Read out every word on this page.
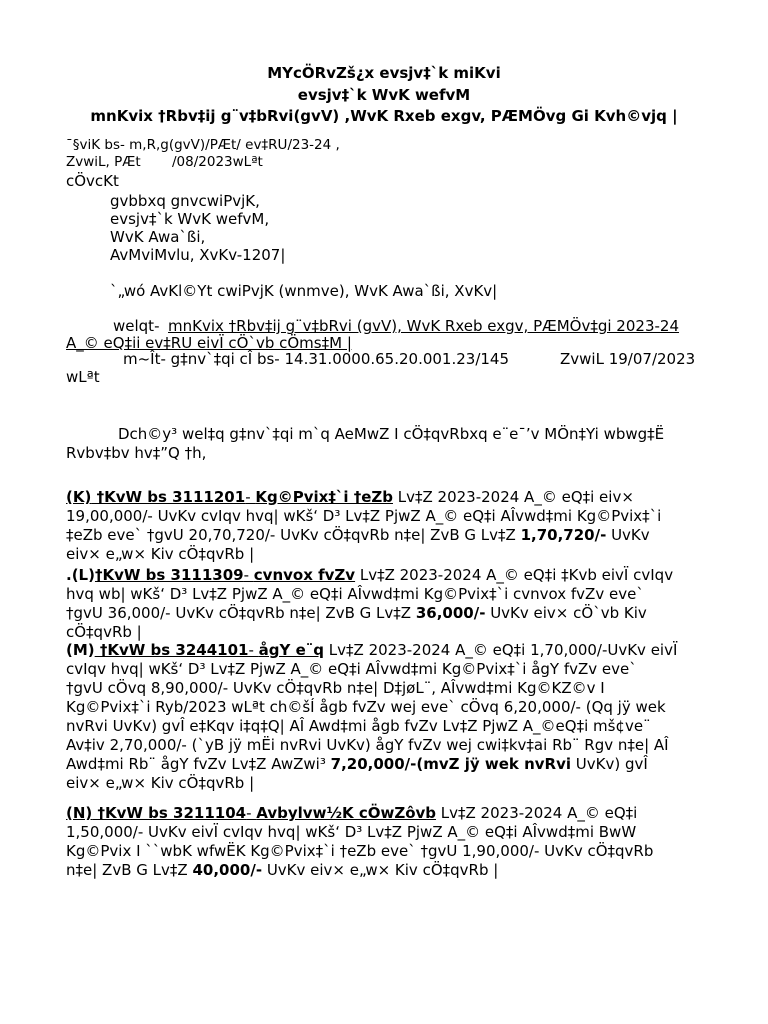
MYcÖRvZš¿x evsjv‡`k miKvi
evsjv‡`k WvK wefvM
mnKvix †Rbv‡ij g¨v‡bRvi(gvV) ,WvK Rxeb exgv, PÆMÖvg Gi Kvh©vjq |
¯§viK bs- m,R,g(gvV)/PÆt/ ev‡RU/23-24 ,
ZvwiL, PÆt /08/2023wLªt
cÖvcKt
gvbbxq gnvcwiPvjK,
evsjv‡`k WvK wefvM,
WvK Awa`ßi,
AvMviMvlu, XvKv-1207|
`„wó AvKl©Yt cwiPvjK (wnmve), WvK Awa`ßi, XvKv|
welqt- mnKvix †Rbv‡ij g¨v‡bRvi (gvV), WvK Rxeb exgv, PÆMÖv‡gi 2023-24
A_© eQ‡ii ev‡RU eivÏ cÖ`vb cÖms‡M |
m~Ît- g‡nv`‡qi cÎ bs- 14.31.0000.65.20.001.23/145	ZvwiL 19/07/2023
wLªt
Dch©y³ wel‡q g‡nv`‡qi m`q AeMwZ I cÖ‡qvRbxq e¨e¯’v MÖn‡Yi wbwg‡Ë
Rvbv‡bv hv‡”Q †h,
(K) †KvW bs 3111201- Kg©Pvix‡`i †eZb Lv‡Z 2023-2024 A_© eQ‡i eiv×
19,00,000/- UvKv cvIqv hvq| wKš‘ D³ Lv‡Z PjwZ A_© eQ‡i AÎvwd‡mi Kg©Pvix‡`i
‡eZb eve` †gvU 20,70,720/- UvKv cÖ‡qvRb n‡e| ZvB G Lv‡Z 1,70,720/- UvKv
eiv× e„w× Kiv cÖ‡qvRb |
.(L)†KvW bs 3111309- cvnvox fvZv Lv‡Z 2023-2024 A_© eQ‡i ‡Kvb eivÏ cvIqv
hvq wb| wKš‘ D³ Lv‡Z PjwZ A_© eQ‡i AÎvwd‡mi Kg©Pvix‡`i cvnvox fvZv eve`
†gvU 36,000/- UvKv cÖ‡qvRb n‡e| ZvB G Lv‡Z 36,000/- UvKv eiv× cÖ`vb Kiv
cÖ‡qvRb |
(M) †KvW bs 3244101- ågY e¨q Lv‡Z 2023-2024 A_© eQ‡i 1,70,000/-UvKv eivÏ
cvIqv hvq| wKš‘ D³ Lv‡Z PjwZ A_© eQ‡i AÎvwd‡mi Kg©Pvix‡`i ågY fvZv eve`
†gvU cÖvq 8,90,000/- UvKv cÖ‡qvRb n‡e| D‡jøL¨, AÎvwd‡mi Kg©KZ©v I
Kg©Pvix‡`i Ryb/2023 wLªt ch©šÍ ågb fvZv wej eve` cÖvq 6,20,000/- (Qq jÿ wek
nvRvi UvKv) gvÎ e‡Kqv i‡q‡Q| AÎ Awd‡mi ågb fvZv Lv‡Z PjwZ A_©eQ‡i mš¢ve¨
Av‡iv 2,70,000/- (`yB jÿ mËi nvRvi UvKv) ågY fvZv wej cwi‡kv‡ai Rb¨ Rgv n‡e| AÎ
Awd‡mi Rb¨ ågY fvZv Lv‡Z AwZwi³ 7,20,000/-(mvZ jÿ wek nvRvi UvKv) gvÎ
eiv× e„w× Kiv cÖ‡qvRb |
(N) †KvW bs 3211104- Avbylvw½K cÖwZôvb Lv‡Z 2023-2024 A_© eQ‡i
1,50,000/- UvKv eivÏ cvIqv hvq| wKš‘ D³ Lv‡Z PjwZ A_© eQ‡i AÎvwd‡mi BwW
Kg©Pvix I ``wbK wfwËK Kg©Pvix‡`i †eZb eve` †gvU 1,90,000/- UvKv cÖ‡qvRb
n‡e| ZvB G Lv‡Z 40,000/- UvKv eiv× e„w× Kiv cÖ‡qvRb |
